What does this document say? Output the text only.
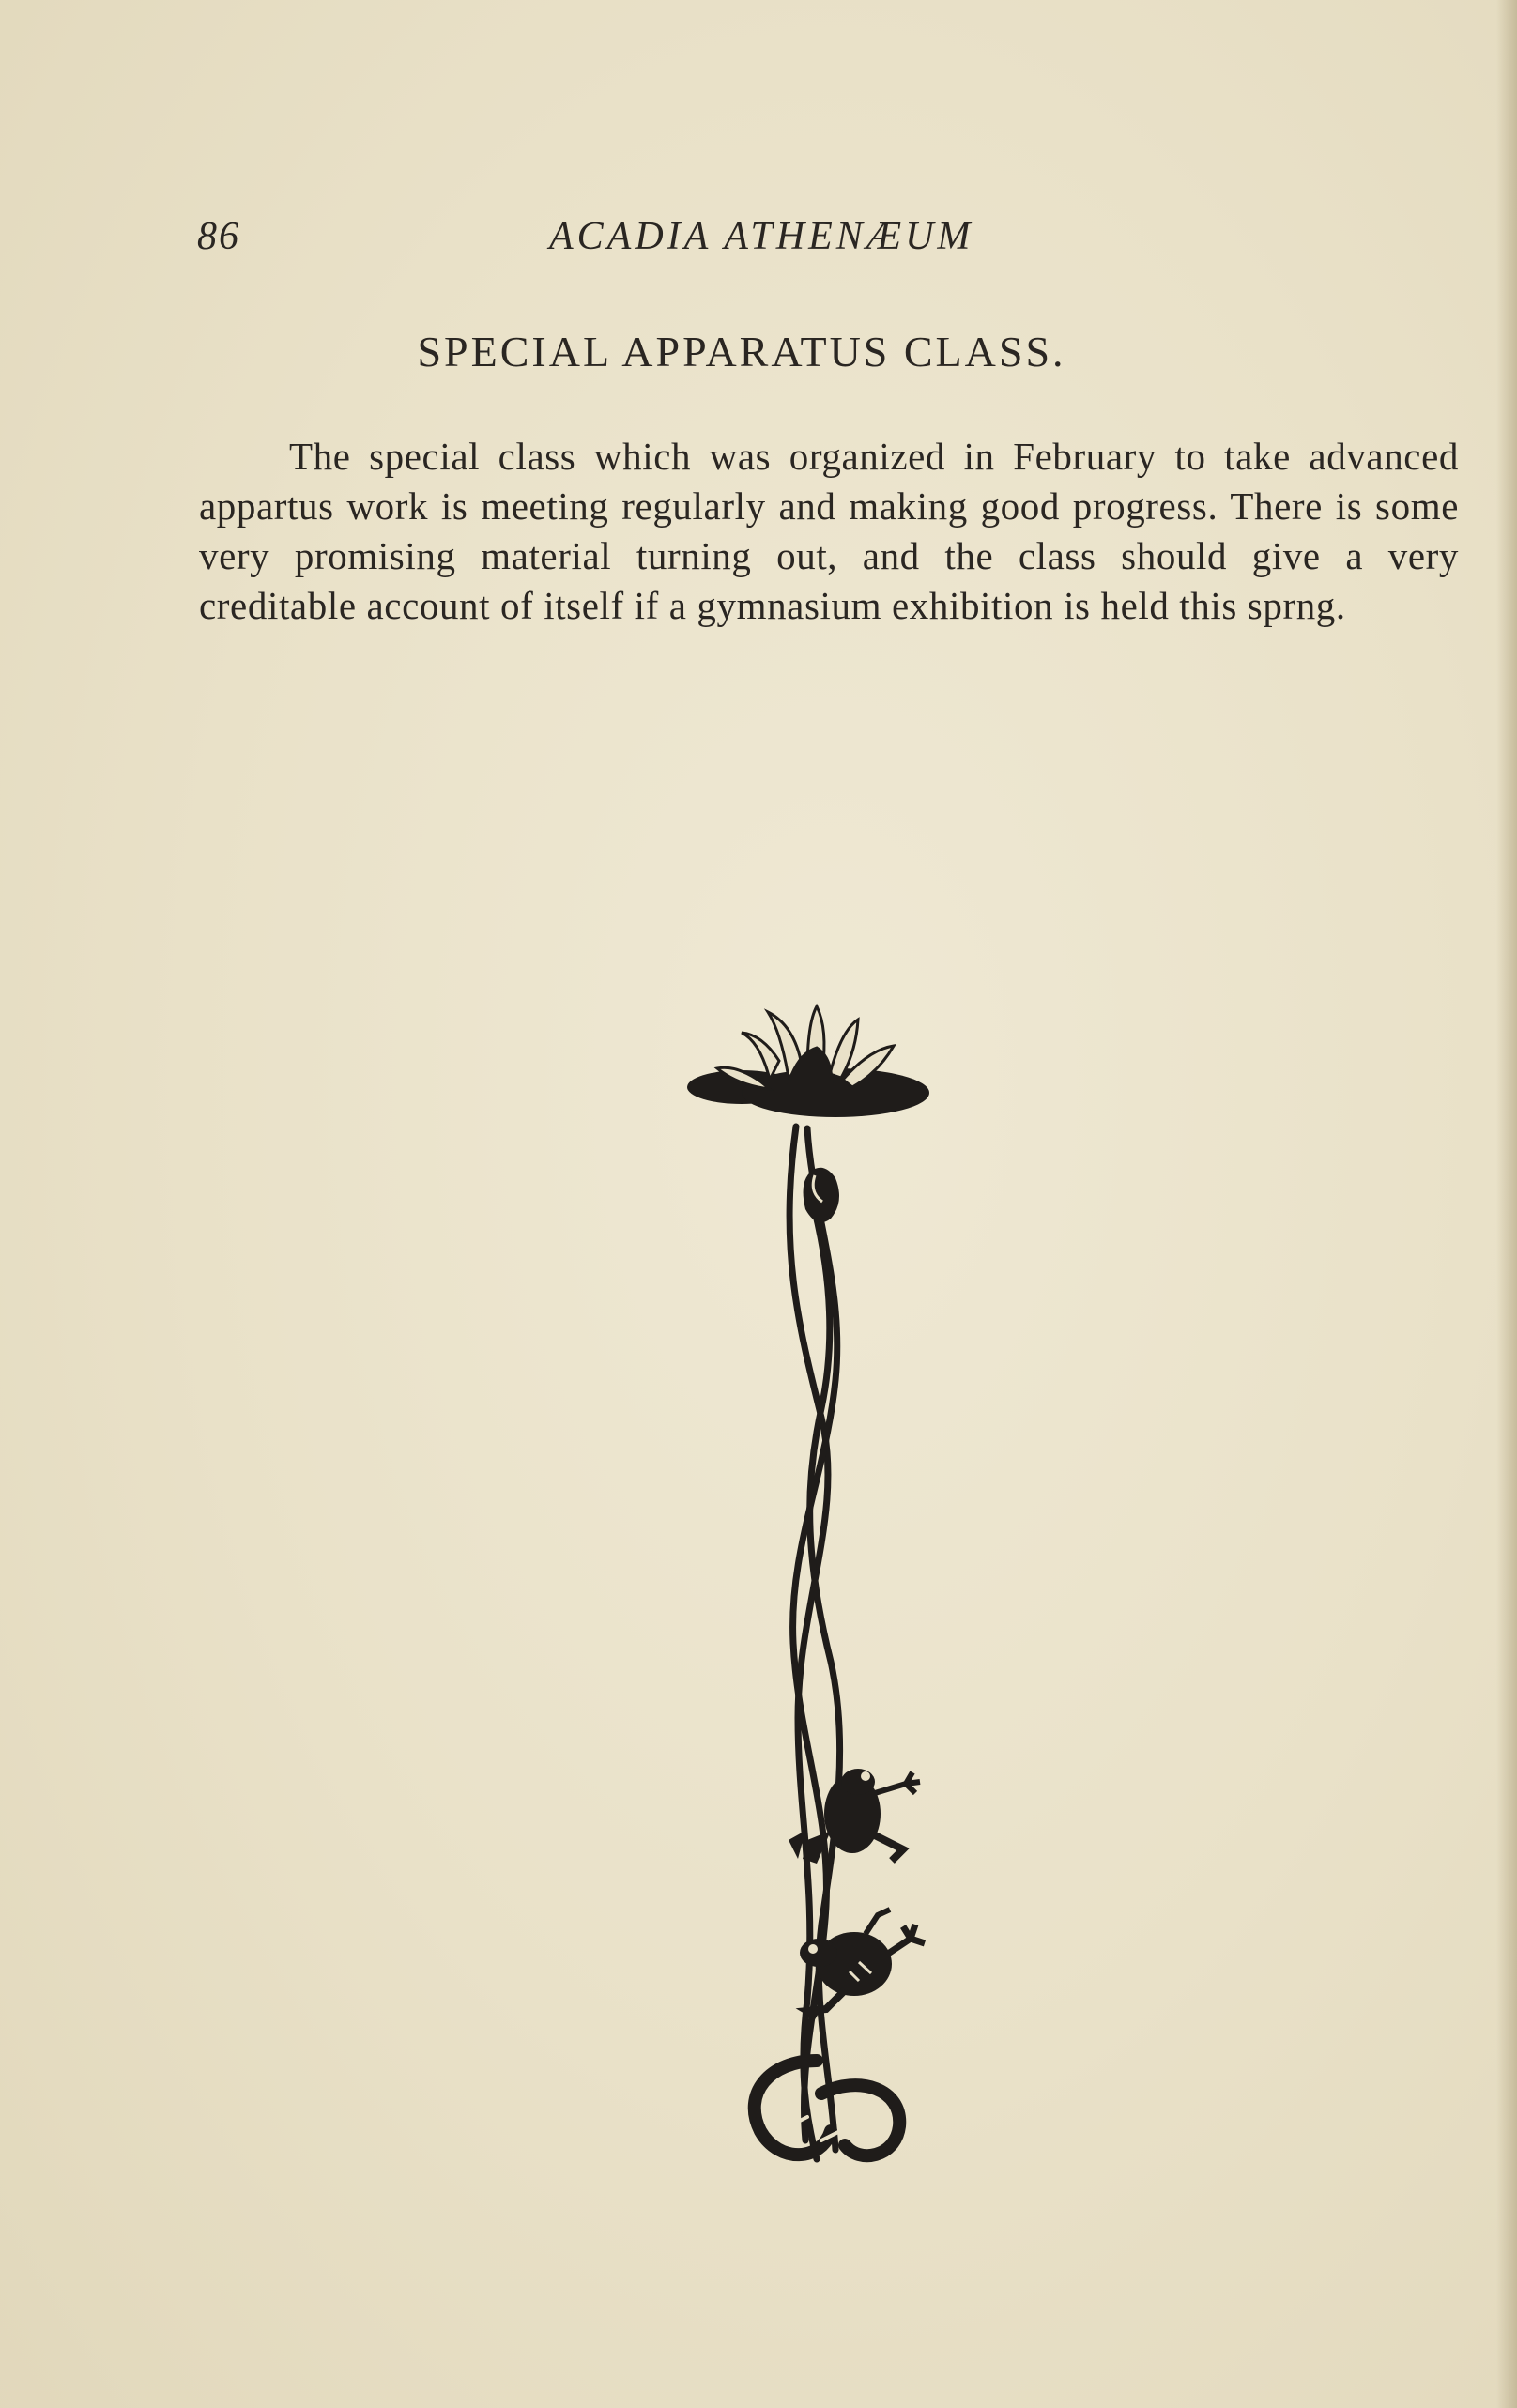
86	ACADIA ATHENÆUM
SPECIAL APPARATUS CLASS.

The special class which was organized in February to take advanced appartus work is meeting regularly and making good progress. There is some very promising material turning out, and the class should give a very creditable account of itself if a gymnasium exhibition is held this sprng.
